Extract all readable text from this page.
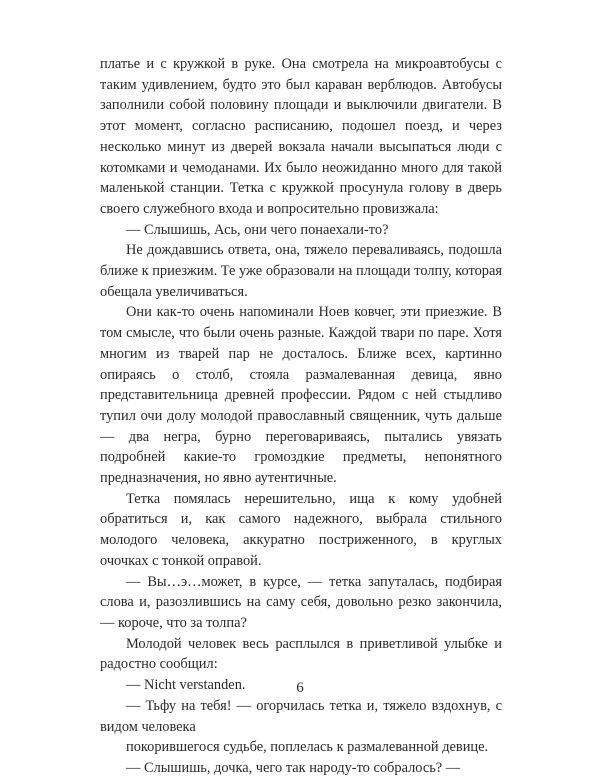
платье и с кружкой в руке. Она смотрела на микроавтобусы с таким удивлением, будто это был караван верблюдов. Автобусы заполнили собой половину площади и выключили двигатели. В этот момент, согласно расписанию, подошел поезд, и через несколько минут из дверей вокзала начали высыпаться люди с котомками и чемоданами. Их было неожиданно много для такой маленькой станции. Тетка с кружкой просунула голову в дверь своего служебного входа и вопросительно провизжала:

— Слышишь, Ась, они чего понаехали-то?

Не дождавшись ответа, она, тяжело переваливаясь, подошла ближе к приезжим. Те уже образовали на площади толпу, которая обещала увеличиваться.

Они как-то очень напоминали Ноев ковчег, эти приезжие. В том смысле, что были очень разные. Каждой твари по паре. Хотя многим из тварей пар не досталось. Ближе всех, картинно опираясь о столб, стояла размалеванная девица, явно представительница древней профессии. Рядом с ней стыдливо тупил очи долу молодой православный священник, чуть дальше — два негра, бурно переговариваясь, пытались увязать подробней какие-то громоздкие предметы, непонятного предназначения, но явно аутентичные.

Тетка помялась нерешительно, ища к кому удобней обратиться и, как самого надежного, выбрала стильного молодого человека, аккуратно постриженного, в круглых очочках с тонкой оправой.

— Вы…э…может, в курсе, — тетка запуталась, подбирая слова и, разозлившись на саму себя, довольно резко закончила, — короче, что за толпа?

Молодой человек весь расплылся в приветливой улыбке и радостно сообщил:

— Nicht verstanden.

— Тьфу на тебя! — огорчилась тетка и, тяжело вздохнув, с видом человека

покорившегося судьбе, поплелась к размалеванной девице.

— Слышишь, дочка, чего так народу-то собралось? —

6
